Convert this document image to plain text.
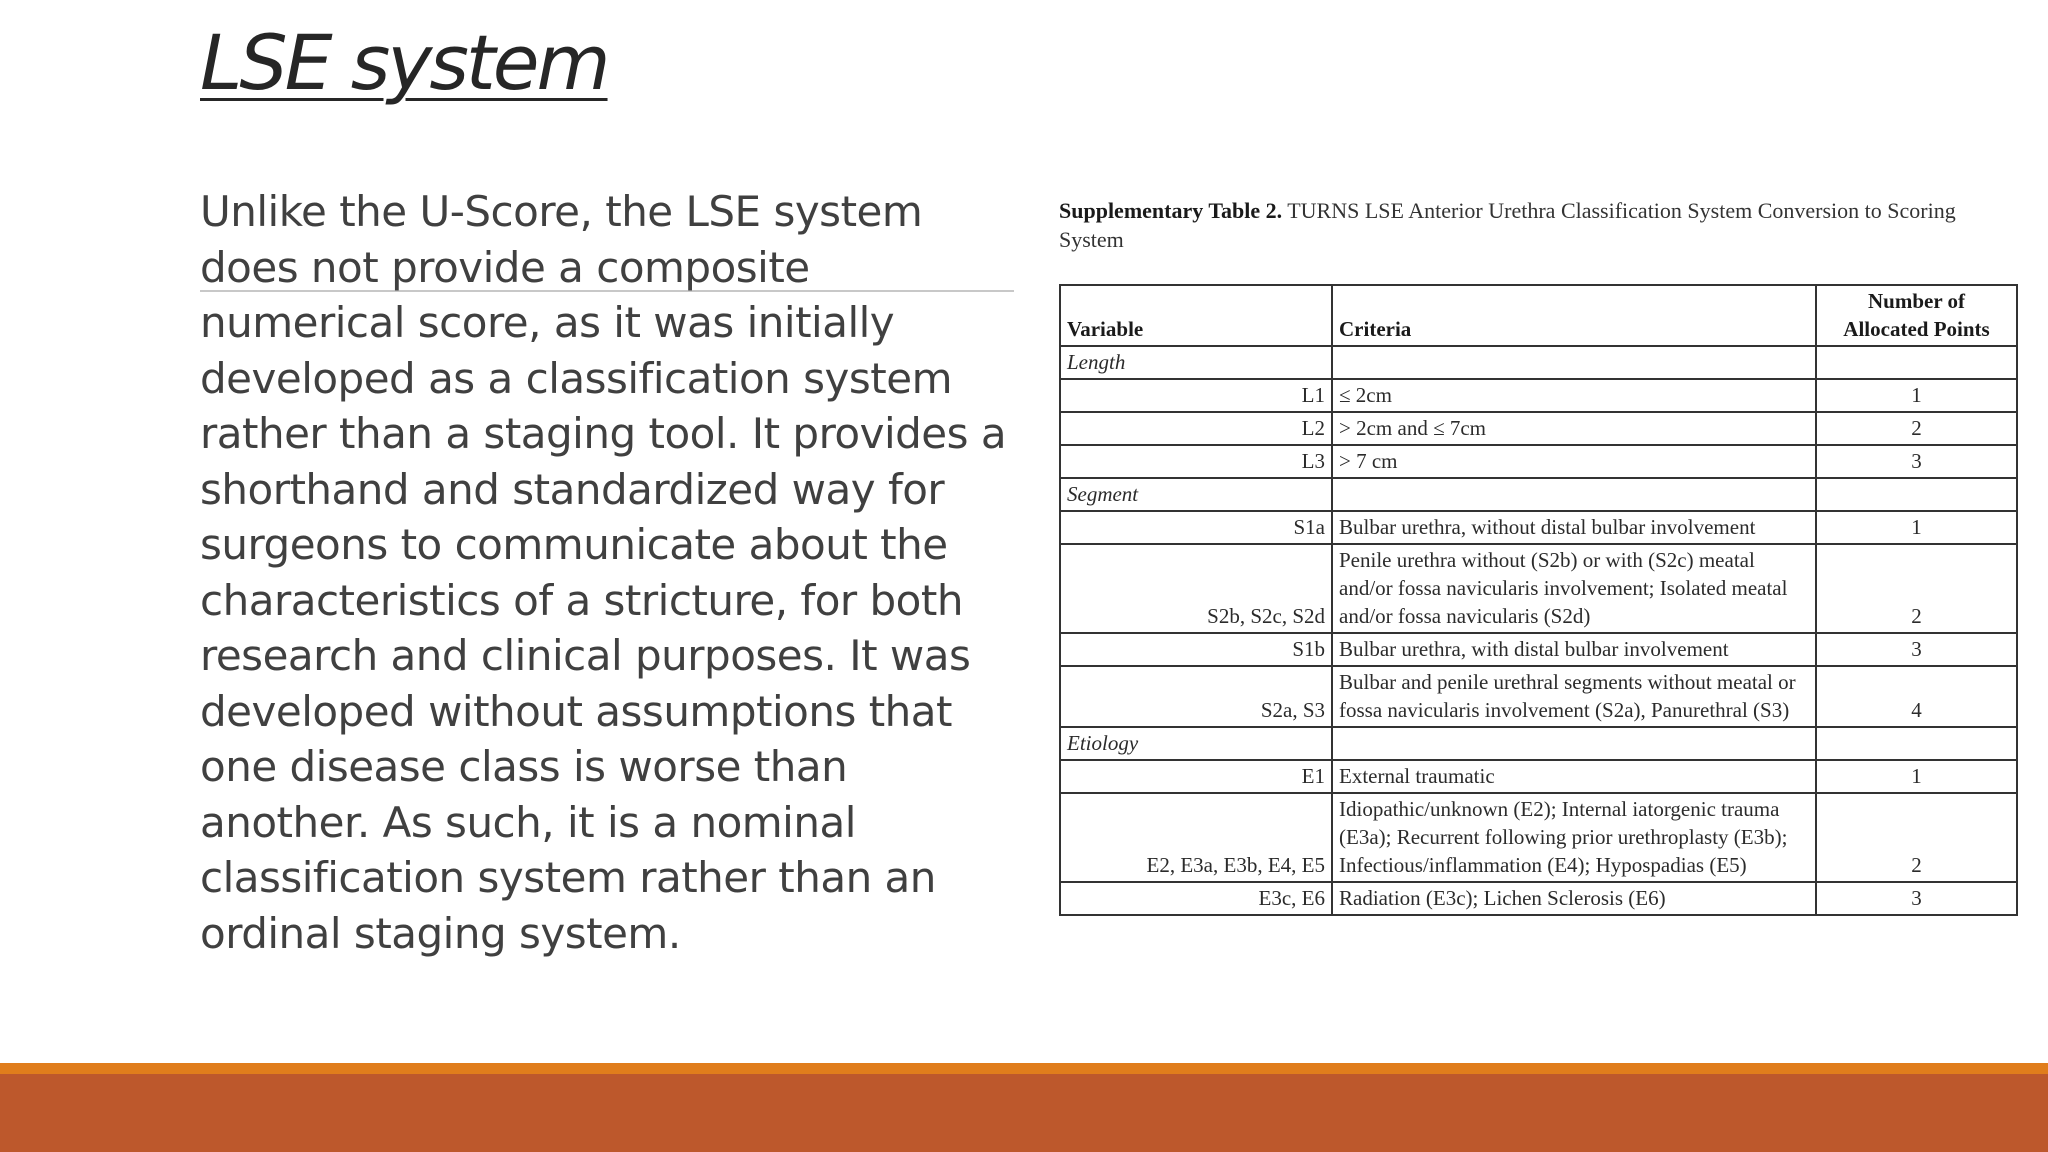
LSE system

Unlike the U-Score, the LSE system
does not provide a composite
numerical score, as it was initially
developed as a classification system
rather than a staging tool. It provides a
shorthand and standardized way for
surgeons to communicate about the
characteristics of a stricture, for both
research and clinical purposes. It was
developed without assumptions that
one disease class is worse than
another. As such, it is a nominal
classification system rather than an
ordinal staging system.

Supplementary Table 2. TURNS LSE Anterior Urethra Classification System Conversion to Scoring System

Variable	Criteria	Number of
Allocated Points
Length		
L1	≤ 2cm	1
L2	> 2cm and ≤ 7cm	2
L3	> 7 cm	3
Segment		
S1a	Bulbar urethra, without distal bulbar involvement	1
S2b, S2c, S2d	Penile urethra without (S2b) or with (S2c) meatal and/or fossa navicularis involvement; Isolated meatal and/or fossa navicularis (S2d)	2
S1b	Bulbar urethra, with distal bulbar involvement	3
S2a, S3	Bulbar and penile urethral segments without meatal or fossa navicularis involvement (S2a), Panurethral (S3)	4
Etiology		
E1	External traumatic	1
E2, E3a, E3b, E4, E5	Idiopathic/unknown (E2); Internal iatorgenic trauma (E3a); Recurrent following prior urethroplasty (E3b); Infectious/inflammation (E4); Hypospadias (E5)	2
E3c, E6	Radiation (E3c); Lichen Sclerosis (E6)	3
